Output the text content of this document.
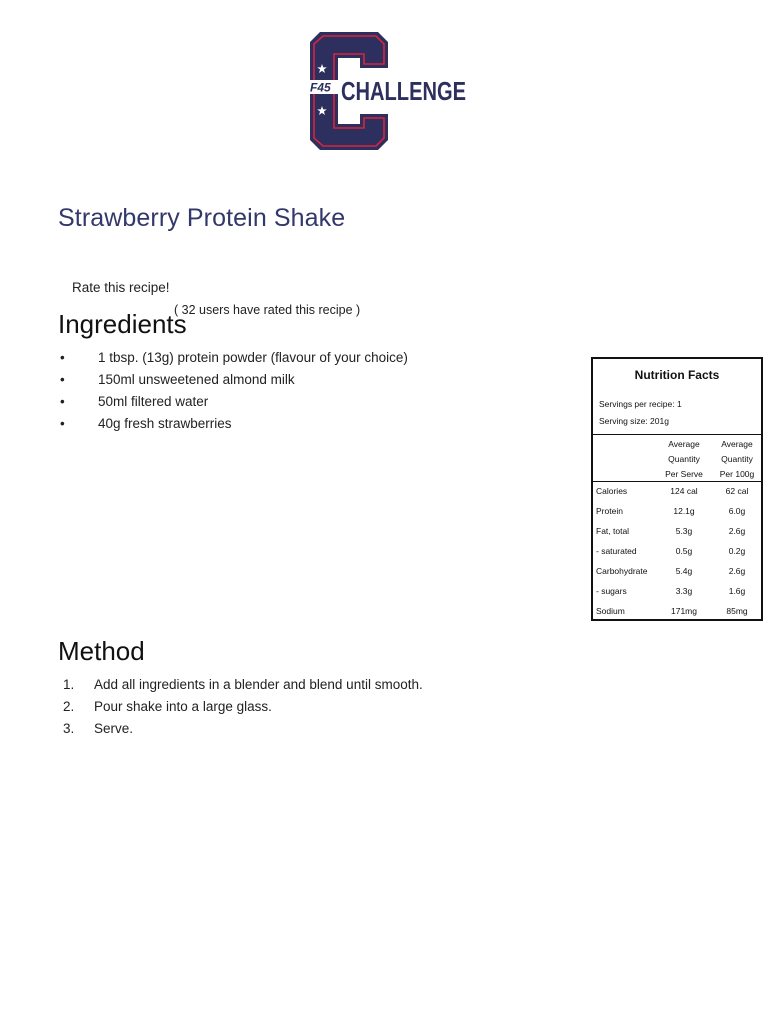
F45 CHALLENGE
Strawberry Protein Shake
Rate this recipe!
( 32 users have rated this recipe )
Ingredients
•	1 tbsp. (13g) protein powder (flavour of your choice)
•	150ml unsweetened almond milk
•	50ml filtered water
•	40g fresh strawberries
Nutrition Facts
Servings per recipe: 1
Serving size: 201g
Average
Quantity
Per Serve
Average
Quantity
Per 100g
Calories	124 cal	62 cal
Protein	12.1g	6.0g
Fat, total	5.3g	2.6g
- saturated	0.5g	0.2g
Carbohydrate	5.4g	2.6g
- sugars	3.3g	1.6g
Sodium	171mg	85mg
Method
1. Add all ingredients in a blender and blend until smooth.
2. Pour shake into a large glass.
3. Serve.
